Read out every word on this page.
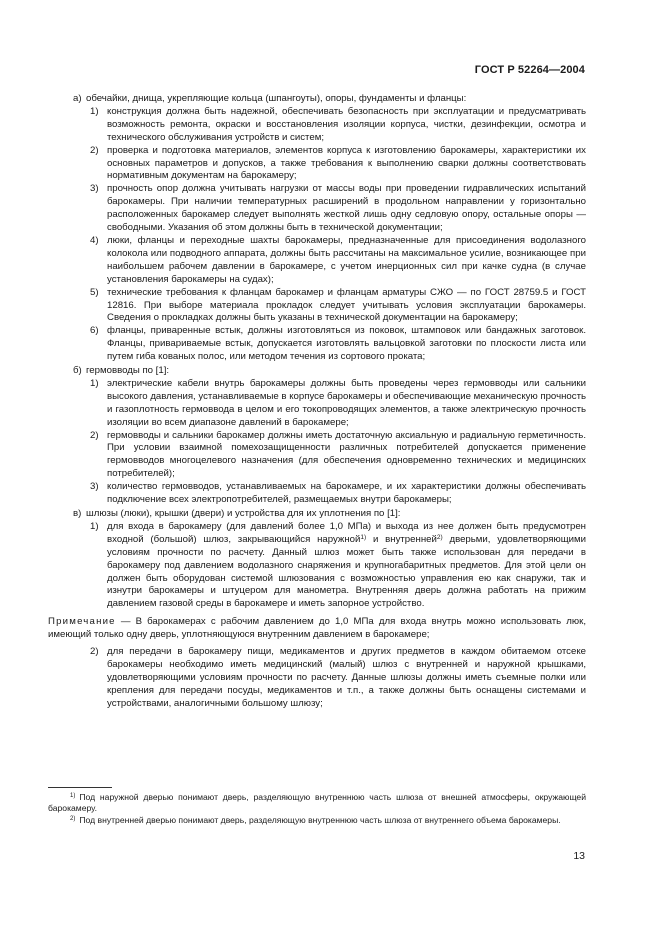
ГОСТ Р 52264—2004
а) обечайки, днища, укрепляющие кольца (шпангоуты), опоры, фундаменты и фланцы:
1) конструкция должна быть надежной, обеспечивать безопасность при эксплуатации и предусматривать возможность ремонта, окраски и восстановления изоляции корпуса, чистки, дезинфекции, осмотра и технического обслуживания устройств и систем;
2) проверка и подготовка материалов, элементов корпуса к изготовлению барокамеры, характеристики их основных параметров и допусков, а также требования к выполнению сварки должны соответствовать нормативным документам на барокамеру;
3) прочность опор должна учитывать нагрузки от массы воды при проведении гидравлических испытаний барокамеры. При наличии температурных расширений в продольном направлении у горизонтально расположенных барокамер следует выполнять жесткой лишь одну седловую опору, остальные опоры — свободными. Указания об этом должны быть в технической документации;
4) люки, фланцы и переходные шахты барокамеры, предназначенные для присоединения водолазного колокола или подводного аппарата, должны быть рассчитаны на максимальное усилие, возникающее при наибольшем рабочем давлении в барокамере, с учетом инерционных сил при качке судна (в случае установления барокамеры на судах);
5) технические требования к фланцам барокамер и фланцам арматуры СЖО — по ГОСТ 28759.5 и ГОСТ 12816. При выборе материала прокладок следует учитывать условия эксплуатации барокамеры. Сведения о прокладках должны быть указаны в технической документации на барокамеру;
6) фланцы, приваренные встык, должны изготовляться из поковок, штамповок или бандажных заготовок. Фланцы, привариваемые встык, допускается изготовлять вальцовкой заготовки по плоскости листа или путем гиба кованых полос, или методом течения из сортового проката;
б) гермовводы по [1]:
1) электрические кабели внутрь барокамеры должны быть проведены через гермовводы или сальники высокого давления, устанавливаемые в корпусе барокамеры и обеспечивающие механическую прочность и газоплотность гермоввода в целом и его токопроводящих элементов, а также электрическую прочность изоляции во всем диапазоне давлений в барокамере;
2) гермовводы и сальники барокамер должны иметь достаточную аксиальную и радиальную герметичность. При условии взаимной помехозащищенности различных потребителей допускается применение гермовводов многоцелевого назначения (для обеспечения одновременно технических и медицинских потребителей);
3) количество гермовводов, устанавливаемых на барокамере, и их характеристики должны обеспечивать подключение всех электропотребителей, размещаемых внутри барокамеры;
в) шлюзы (люки), крышки (двери) и устройства для их уплотнения по [1]:
1) для входа в барокамеру (для давлений более 1,0 МПа) и выхода из нее должен быть предусмотрен входной (большой) шлюз, закрывающийся наружной$^{1)}$ и внутренней$^{2)}$ дверьми, удовлетворяющими условиям прочности по расчету. Данный шлюз может быть также использован для передачи в барокамеру под давлением водолазного снаряжения и крупногабаритных предметов. Для этой цели он должен быть оборудован системой шлюзования с возможностью управления ею как снаружи, так и изнутри барокамеры и штуцером для манометра. Внутренняя дверь должна работать на прижим давлением газовой среды в барокамере и иметь запорное устройство.
Примечание — В барокамерах с рабочим давлением до 1,0 МПа для входа внутрь можно использовать люк, имеющий только одну дверь, уплотняющуюся внутренним давлением в барокамере;
2) для передачи в барокамеру пищи, медикаментов и других предметов в каждом обитаемом отсеке барокамеры необходимо иметь медицинский (малый) шлюз с внутренней и наружной крышками, удовлетворяющими условиям прочности по расчету. Данные шлюзы должны иметь съемные полки или крепления для передачи посуды, медикаментов и т.п., а также должны быть оснащены системами и устройствами, аналогичными большому шлюзу;
$^{1)}$ Под наружной дверью понимают дверь, разделяющую внутреннюю часть шлюза от внешней атмосферы, окружающей барокамеру.
$^{2)}$ Под внутренней дверью понимают дверь, разделяющую внутреннюю часть шлюза от внутреннего объема барокамеры.
13
